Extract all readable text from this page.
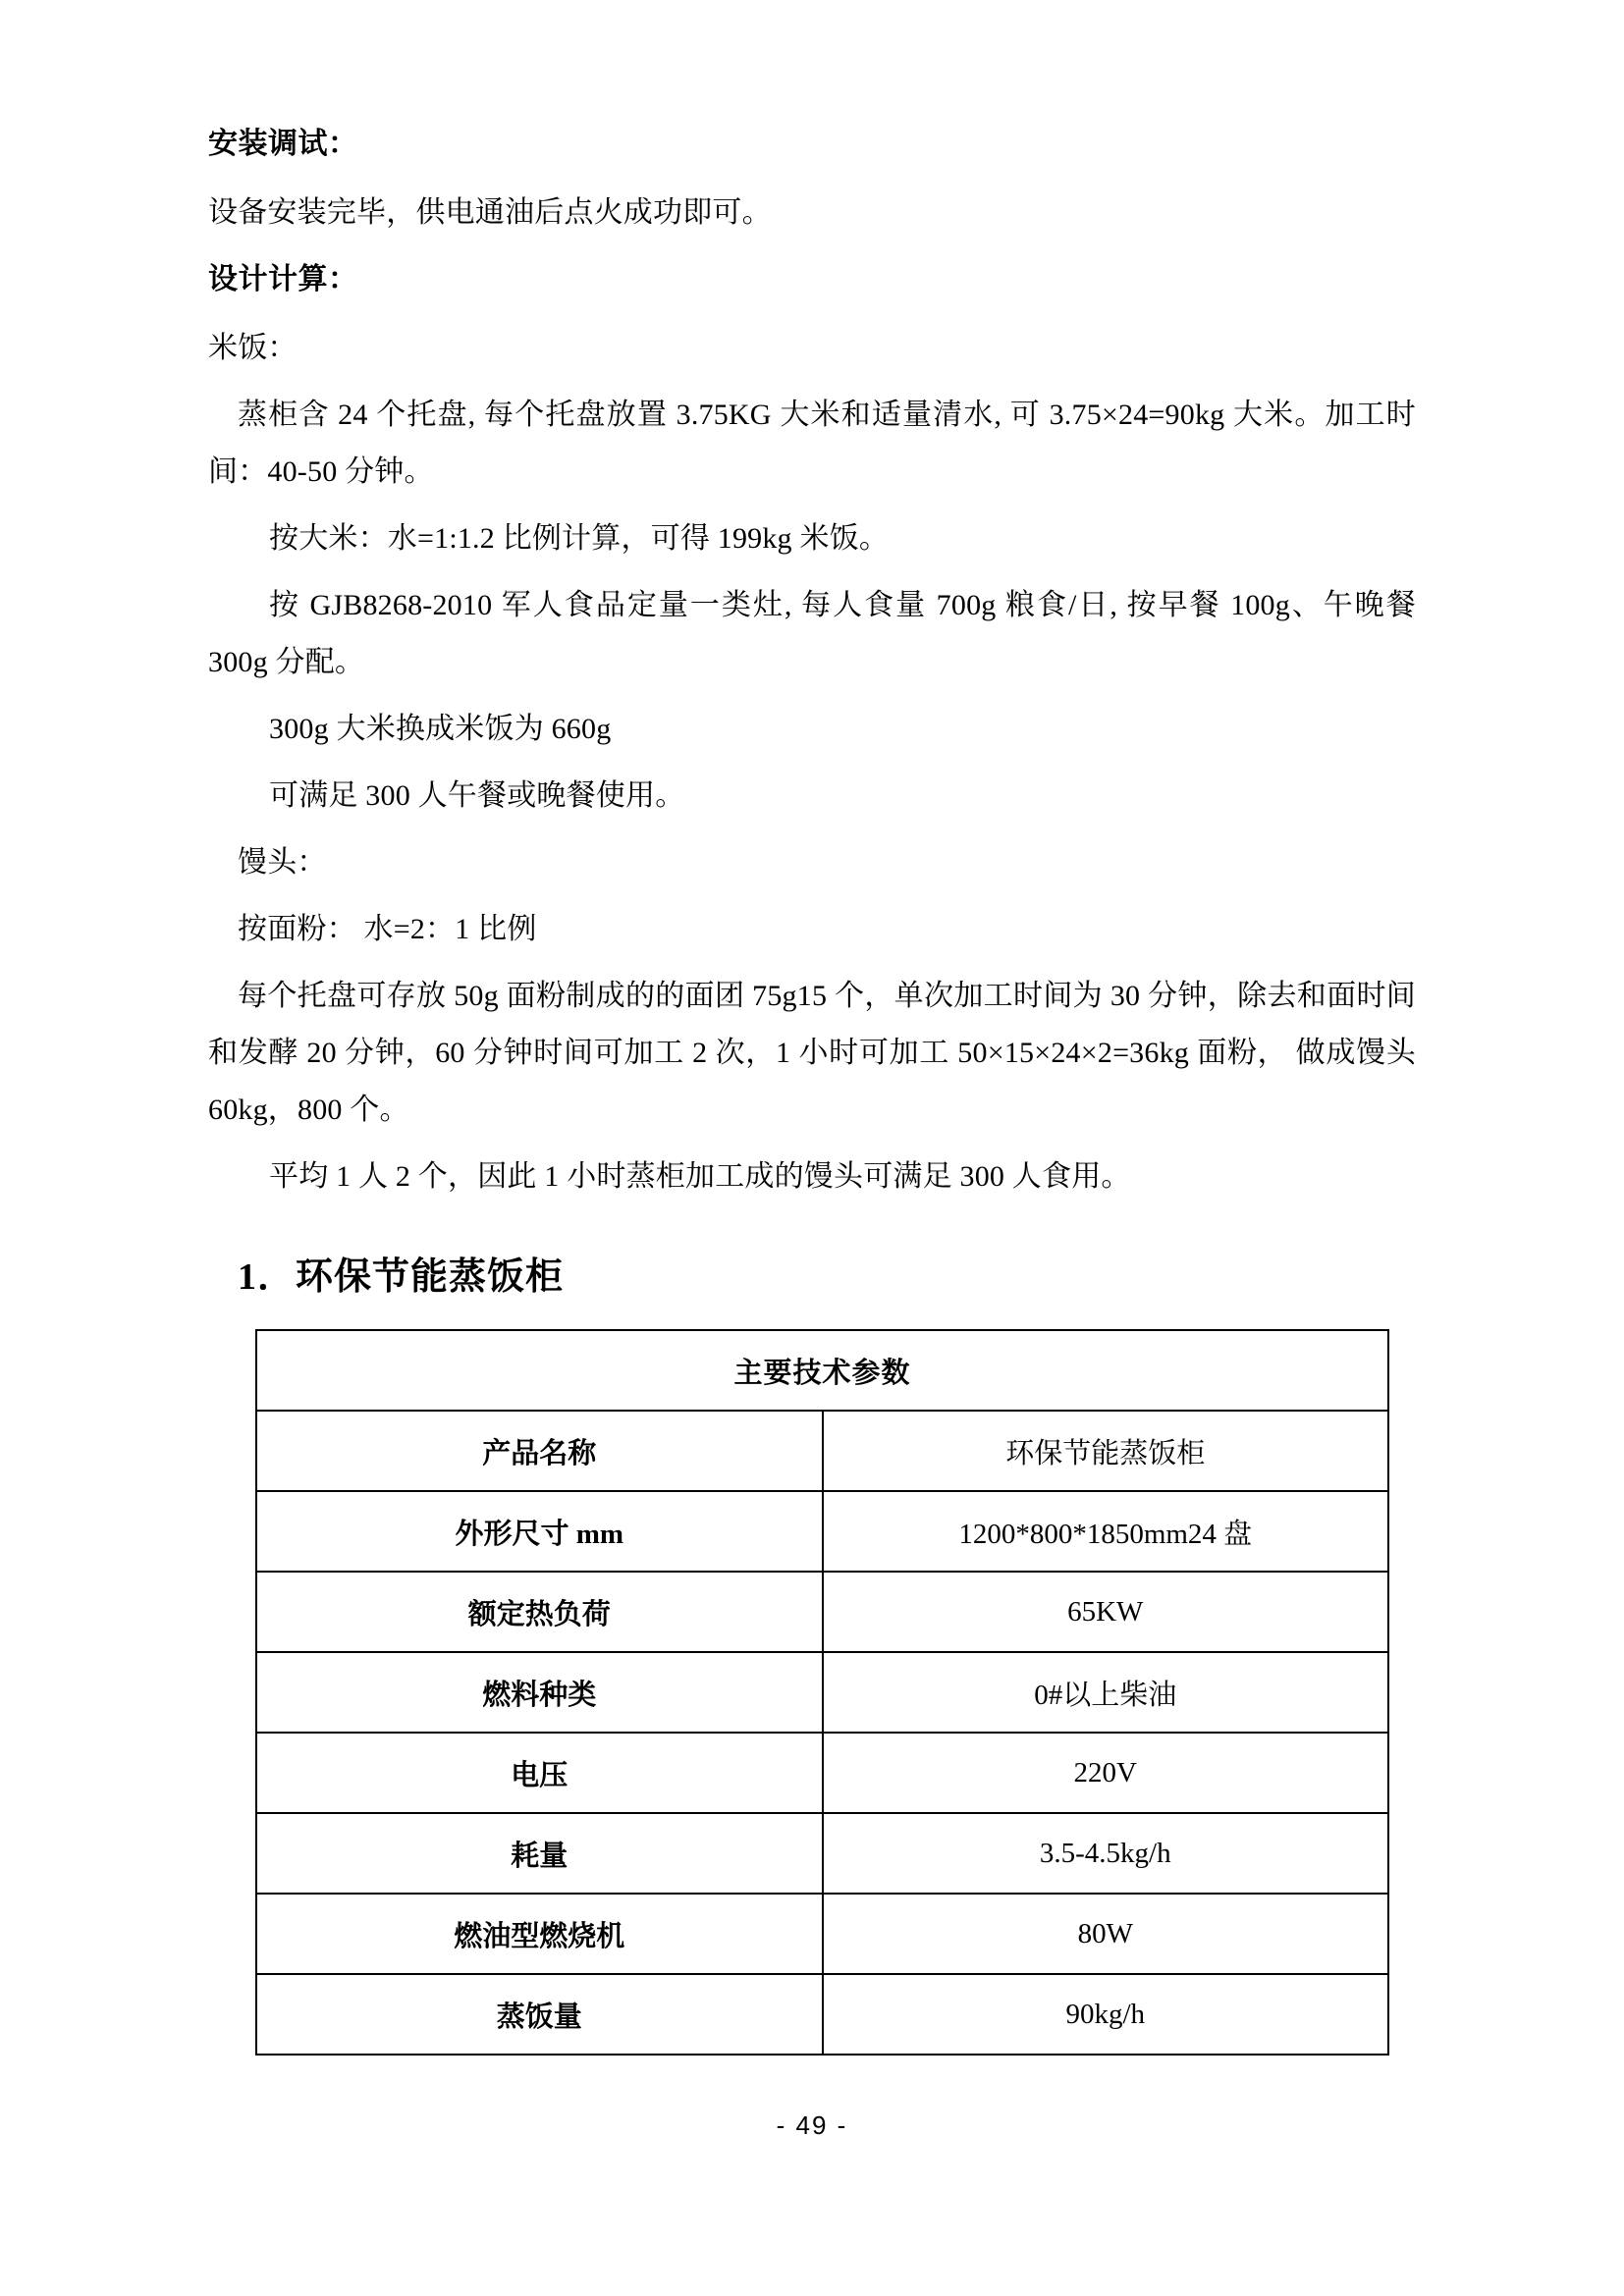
安装调试：

设备安装完毕，供电通油后点火成功即可。

设计计算：

米饭：

蒸柜含 24 个托盘, 每个托盘放置 3.75KG 大米和适量清水, 可 3.75×24=90kg 大米。加工时间：40-50 分钟。

按大米：水=1:1.2 比例计算，可得 199kg 米饭。

按 GJB8268-2010 军人食品定量一类灶, 每人食量 700g 粮食/日, 按早餐 100g、午晚餐 300g 分配。

300g 大米换成米饭为 660g

可满足 300 人午餐或晚餐使用。

馒头：

按面粉： 水=2：1 比例

每个托盘可存放 50g 面粉制成的的面团 75g15 个，单次加工时间为 30 分钟，除去和面时间和发酵 20 分钟，60 分钟时间可加工 2 次，1 小时可加工 50×15×24×2=36kg 面粉， 做成馒头 60kg，800 个。

平均 1 人 2 个，因此 1 小时蒸柜加工成的馒头可满足 300 人食用。

1．环保节能蒸饭柜
主要技术参数	
产品名称	环保节能蒸饭柜
外形尺寸 mm	1200*800*1850mm24 盘
额定热负荷	65KW
燃料种类	0#以上柴油
电压	220V
耗量	3.5-4.5kg/h
燃油型燃烧机	80W
蒸饭量	90kg/h
- 49 -
